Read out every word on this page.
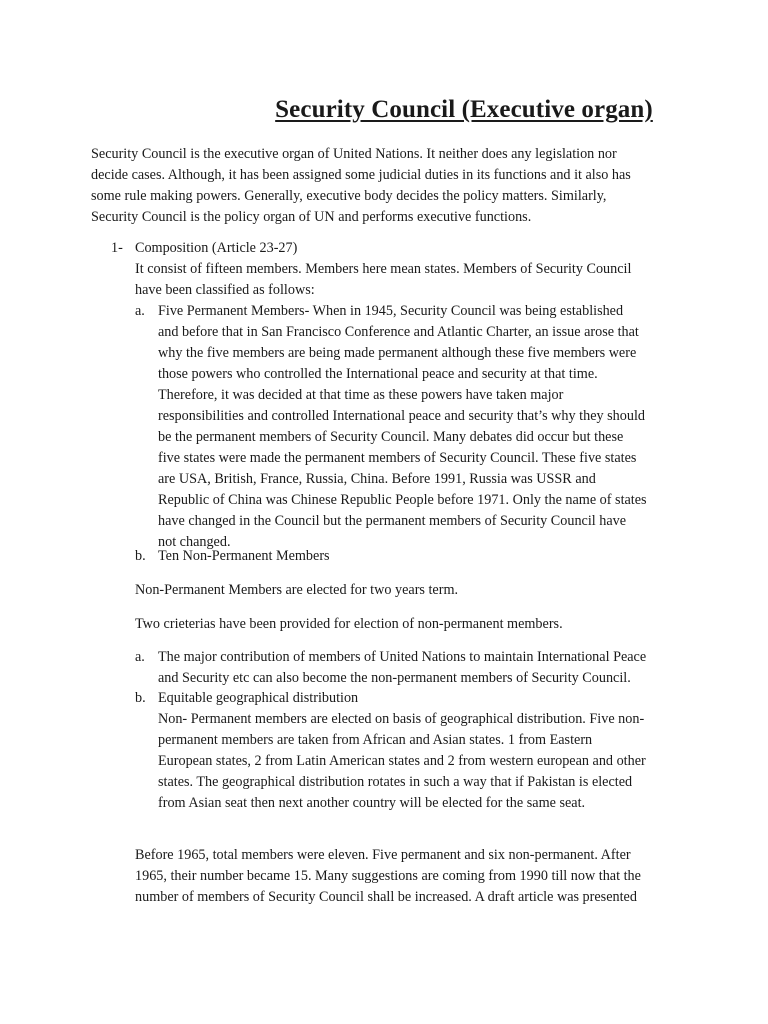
Security Council (Executive organ)
Security Council is the executive organ of United Nations. It neither does any legislation nor
decide cases. Although, it has been assigned some judicial duties in its functions and it also has
some rule making powers. Generally, executive body decides the policy matters. Similarly,
Security Council is the policy organ of UN and performs executive functions.
1- Composition (Article 23-27)
It consist of fifteen members. Members here mean states. Members of Security Council
have been classified as follows:
a. Five Permanent Members- When in 1945, Security Council was being established
and before that in San Francisco Conference and Atlantic Charter, an issue arose that
why the five members are being made permanent although these five members were
those powers who controlled the International peace and security at that time.
Therefore, it was decided at that time as these powers have taken major
responsibilities and controlled International peace and security that’s why they should
be the permanent members of Security Council. Many debates did occur but these
five states were made the permanent members of Security Council. These five states
are USA, British, France, Russia, China. Before 1991, Russia was USSR and
Republic of China was Chinese Republic People before 1971. Only the name of states
have changed in the Council but the permanent members of Security Council have
not changed.
b. Ten Non-Permanent Members
Non-Permanent Members are elected for two years term.
Two crieterias have been provided for election of non-permanent members.
a. The major contribution of members of United Nations to maintain International Peace
and Security etc can also become the non-permanent members of Security Council.
b. Equitable geographical distribution
Non- Permanent members are elected on basis of geographical distribution. Five non-
permanent members are taken from African and Asian states. 1 from Eastern
European states, 2 from Latin American states and 2 from western european and other
states. The geographical distribution rotates in such a way that if Pakistan is elected
from Asian seat then next another country will be elected for the same seat.
Before 1965, total members were eleven. Five permanent and six non-permanent. After
1965, their number became 15. Many suggestions are coming from 1990 till now that the
number of members of Security Council shall be increased. A draft article was presented
